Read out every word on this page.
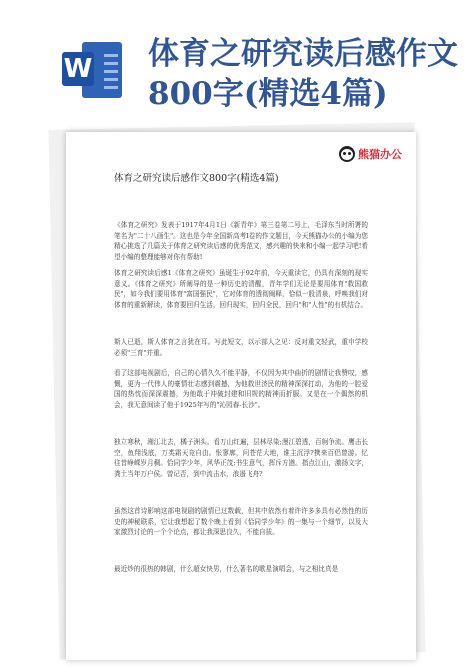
W 体育之研究读后感作文
800字(精选4篇)
熊猫办公
体育之研究读后感作文800字(精选4篇)

《体育之研究》发表于1917年4月1日《新青年》第三卷第二号上，毛泽东当时所署的笔名为"二十八画生"。这也是今年全国新高考Ⅰ卷的作文题目，今天熊猫办公的小编为您精心挑选了几篇关于体育之研究读后感的优秀范文，感兴趣的快来和小编一起学习吧!希望小编的整理能够对你有帮助!

体育之研究读后感1《体育之研究》虽诞生于92年前，今天重读它，仍具有深刻的现实意义。《体育之研究》所阐导的是一种历史的清醒，青年学们无论是要用体育"救国救民"，如今我们要用体育"富国强民"，它对体育的透彻阐释，恰似一股清泉，呼唤我们对体育的重新解读，体育要回归生活，回归现实，回归全民，回归"和"人性"的有机结合。

斯人已逝，斯人体育之言犹在耳。写此短文，以示部人之见：反对重文轻武，重申学校必须"三育"并重。

看了这部电视剧后，自己的心情久久不能平静，不仅因为其中曲折的剧情让我赞叹，感慨，更为一代伟人的豪情壮志感到震撼，为他救世济民的精神深深打动，为他的一腔爱国的热忱而深深震撼，为他敢于冲破封建和旧规的精神而折服。又是在一个偶然的机会，我无意间读了他于1925年写的"沁园春-长沙"。

独立寒秋，湘江北去，橘子洲头。看万山红遍，层林尽染;漫江碧透，百舸争流。鹰击长空，鱼翔浅底，万类霜天竞自由。怅寥廓，问苍茫大地，谁主沉浮?携来百侣曾游。忆往昔峥嵘岁月稠。恰同学少年，风华正茂;书生意气，挥斥方遒。指点江山，激扬文字，粪土当年万户侯。曾记否，到中流击水，浪遏飞舟?

虽然这首诗影响这部电视剧的剧情已过数载，但其中依然有着许许多多具有必然性的历史的神秘联系，它让我想起了数个晚上看到《恰同学少年》的一集与一个细节，以及大家激烈讨论的一个个论点，都让我深思良久，不能自拔。

最近炒的很热的韩剧，什么超女快男，什么著名的歌星演唱会，与之相比真是
